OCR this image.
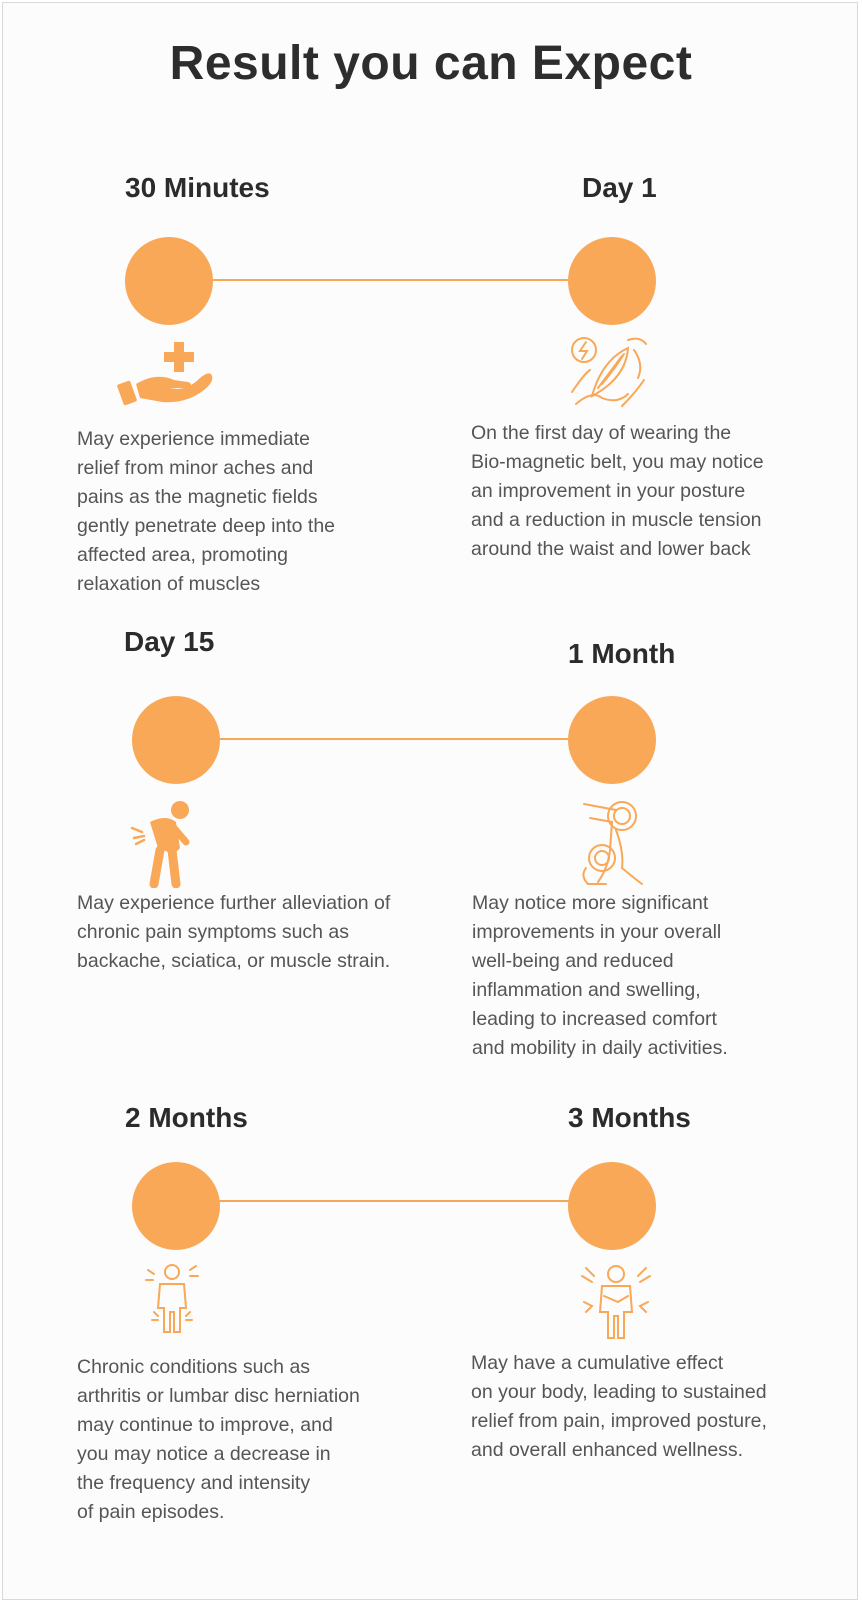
Result you can Expect
30 Minutes	Day 1

May experience immediate
relief from minor aches and
pains as the magnetic fields
gently penetrate deep into the
affected area, promoting
relaxation of muscles

On the first day of wearing the
Bio-magnetic belt, you may notice
an improvement in your posture
and a reduction in muscle tension
around the waist and lower back

Day 15	1 Month

May experience further alleviation of
chronic pain symptoms such as
backache, sciatica, or muscle strain.

May notice more significant
improvements in your overall
well-being and reduced
inflammation and swelling,
leading to increased comfort
and mobility in daily activities.

2 Months	3 Months

Chronic conditions such as
arthritis or lumbar disc herniation
may continue to improve, and
you may notice a decrease in
the frequency and intensity
of pain episodes.

May have a cumulative effect
on your body, leading to sustained
relief from pain, improved posture,
and overall enhanced wellness.
